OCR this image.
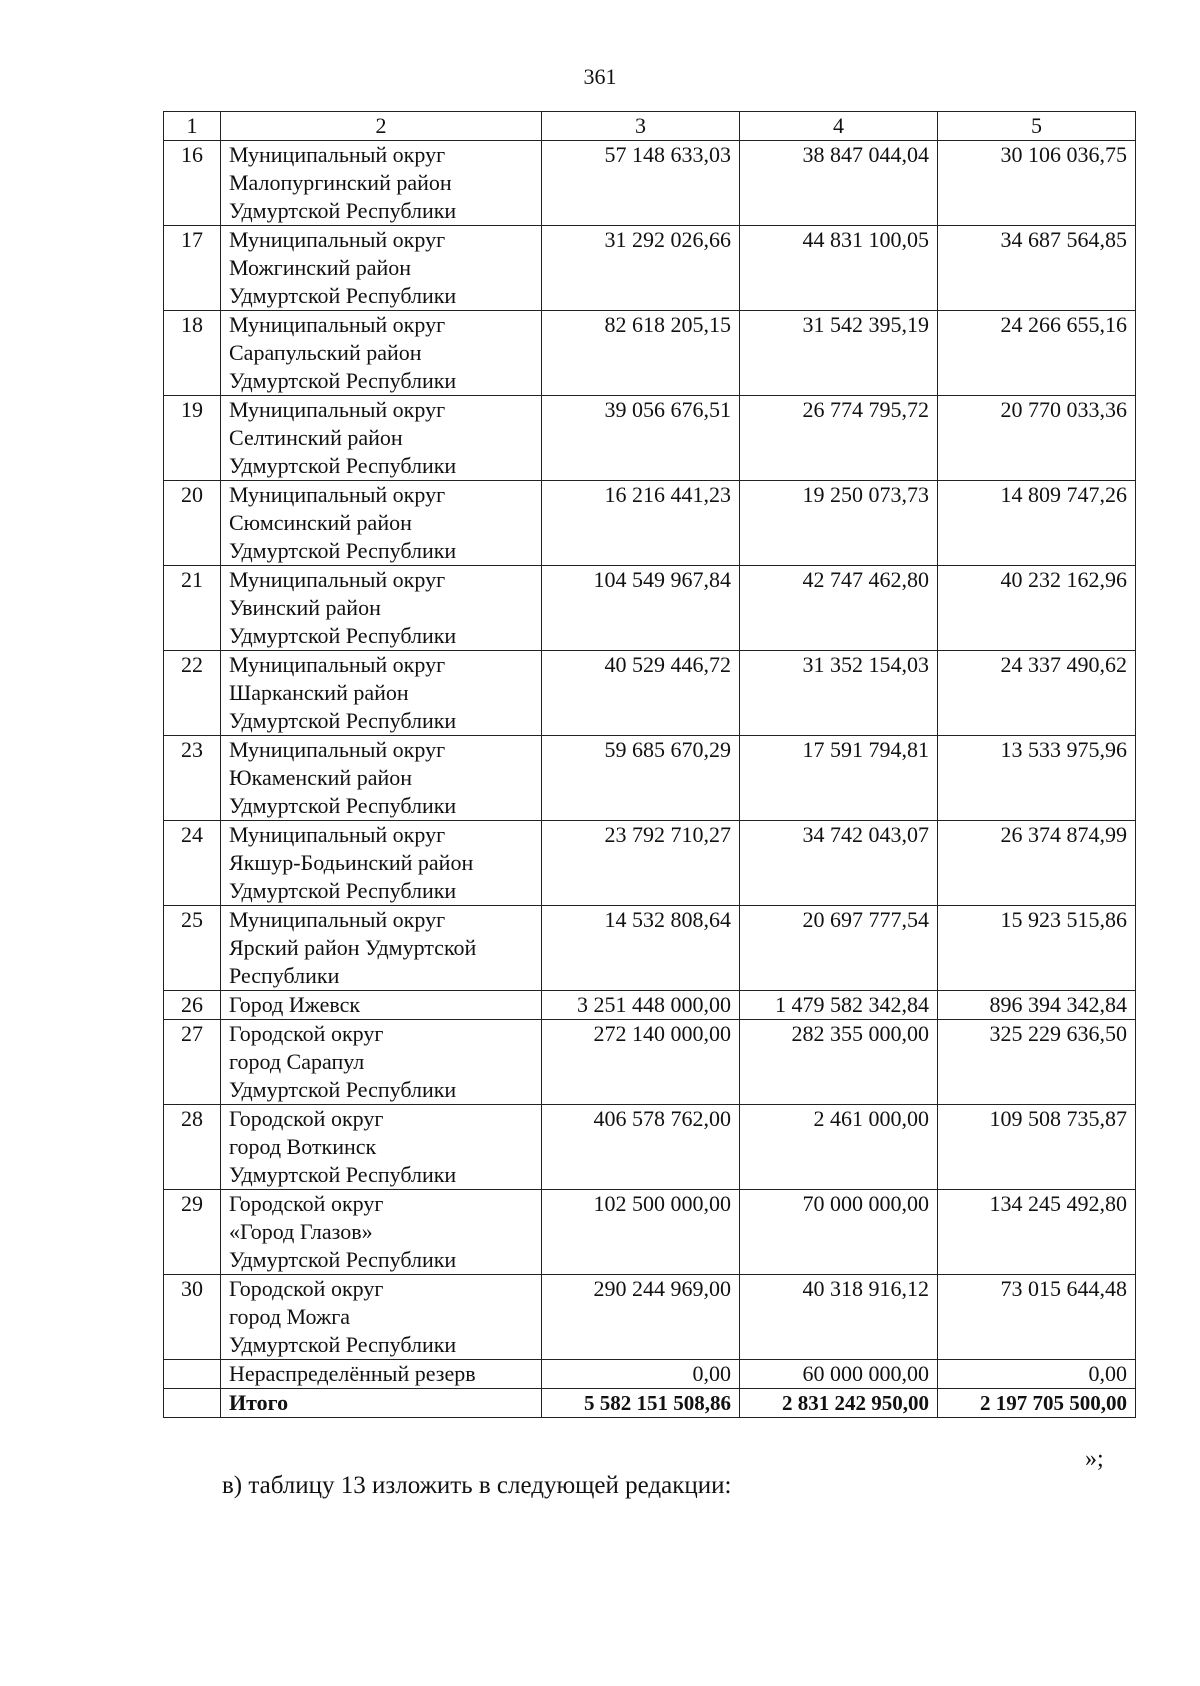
361
1	2	3	4	5
16	Муниципальный округ
Малопургинский район
Удмуртской Республики	57 148 633,03	38 847 044,04	30 106 036,75
17	Муниципальный округ
Можгинский район
Удмуртской Республики	31 292 026,66	44 831 100,05	34 687 564,85
18	Муниципальный округ
Сарапульский район
Удмуртской Республики	82 618 205,15	31 542 395,19	24 266 655,16
19	Муниципальный округ
Селтинский район
Удмуртской Республики	39 056 676,51	26 774 795,72	20 770 033,36
20	Муниципальный округ
Сюмсинский район
Удмуртской Республики	16 216 441,23	19 250 073,73	14 809 747,26
21	Муниципальный округ
Увинский район
Удмуртской Республики	104 549 967,84	42 747 462,80	40 232 162,96
22	Муниципальный округ
Шарканский район
Удмуртской Республики	40 529 446,72	31 352 154,03	24 337 490,62
23	Муниципальный округ
Юкаменский район
Удмуртской Республики	59 685 670,29	17 591 794,81	13 533 975,96
24	Муниципальный округ
Якшур-Бодьинский район
Удмуртской Республики	23 792 710,27	34 742 043,07	26 374 874,99
25	Муниципальный округ
Ярский район Удмуртской
Республики	14 532 808,64	20 697 777,54	15 923 515,86
26	Город Ижевск	3 251 448 000,00	1 479 582 342,84	896 394 342,84
27	Городской округ
город Сарапул
Удмуртской Республики	272 140 000,00	282 355 000,00	325 229 636,50
28	Городской округ
город Воткинск
Удмуртской Республики	406 578 762,00	2 461 000,00	109 508 735,87
29	Городской округ
«Город Глазов»
Удмуртской Республики	102 500 000,00	70 000 000,00	134 245 492,80
30	Городской округ
город Можга
Удмуртской Республики	290 244 969,00	40 318 916,12	73 015 644,48
	Нераспределённый резерв	0,00	60 000 000,00	0,00
	Итого	5 582 151 508,86	2 831 242 950,00	2 197 705 500,00
»;
в) таблицу 13 изложить в следующей редакции:
